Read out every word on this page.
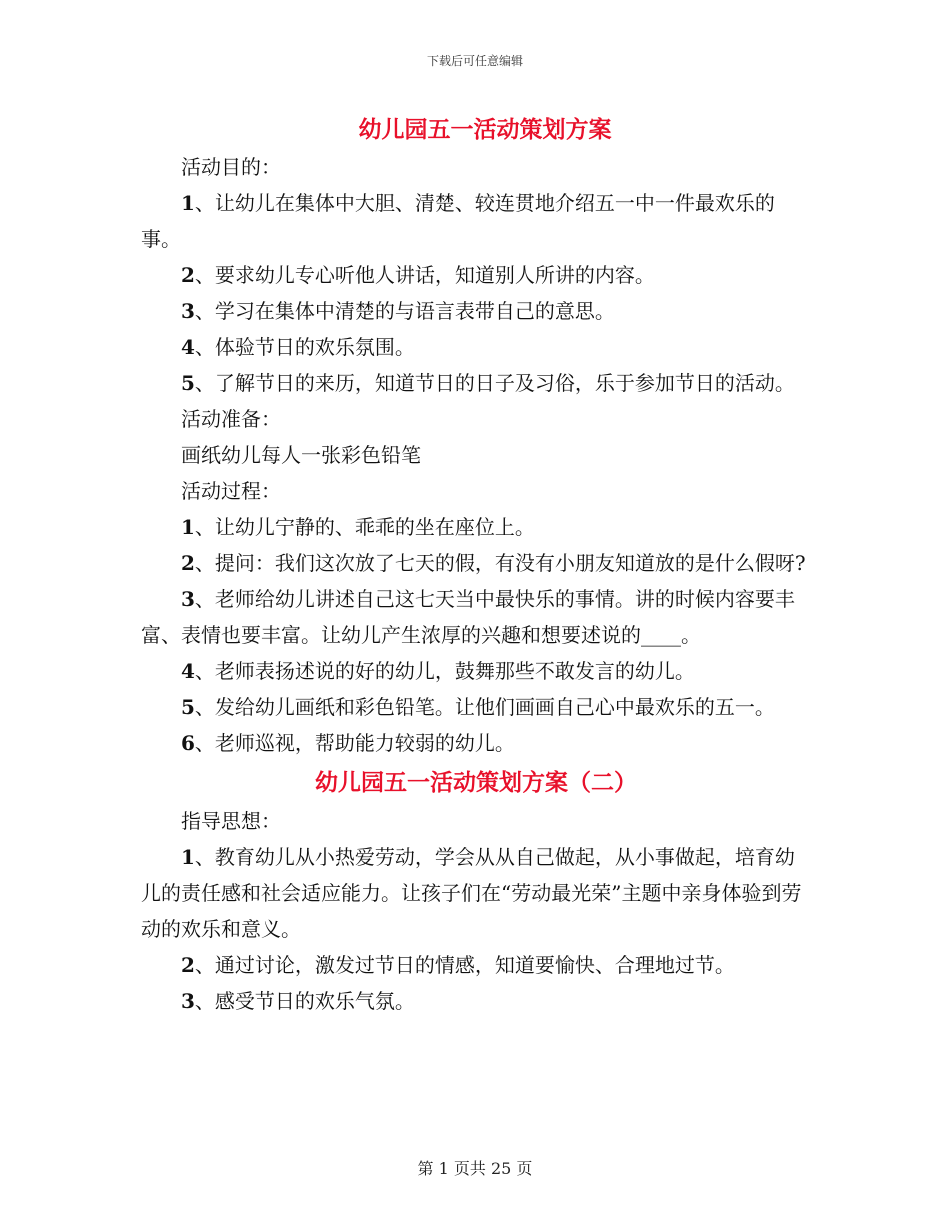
下载后可任意编辑
幼儿园五一活动策划方案

活动目的：

1、让幼儿在集体中大胆、清楚、较连贯地介绍五一中一件最欢乐的事。

2、要求幼儿专心听他人讲话，知道别人所讲的内容。

3、学习在集体中清楚的与语言表带自己的意思。

4、体验节日的欢乐氛围。

5、了解节日的来历，知道节日的日子及习俗，乐于参加节日的活动。

活动准备：

画纸幼儿每人一张彩色铅笔

活动过程：

1、让幼儿宁静的、乖乖的坐在座位上。

2、提问：我们这次放了七天的假，有没有小朋友知道放的是什么假呀?

3、老师给幼儿讲述自己这七天当中最快乐的事情。讲的时候内容要丰富、表情也要丰富。让幼儿产生浓厚的兴趣和想要述说的____。

4、老师表扬述说的好的幼儿，鼓舞那些不敢发言的幼儿。

5、发给幼儿画纸和彩色铅笔。让他们画画自己心中最欢乐的五一。

6、老师巡视，帮助能力较弱的幼儿。

幼儿园五一活动策划方案（二）

指导思想：

1、教育幼儿从小热爱劳动，学会从从自己做起，从小事做起，培育幼儿的责任感和社会适应能力。让孩子们在“劳动最光荣”主题中亲身体验到劳动的欢乐和意义。

2、通过讨论，激发过节日的情感，知道要愉快、合理地过节。

3、感受节日的欢乐气氛。

第 1 页共 25 页
